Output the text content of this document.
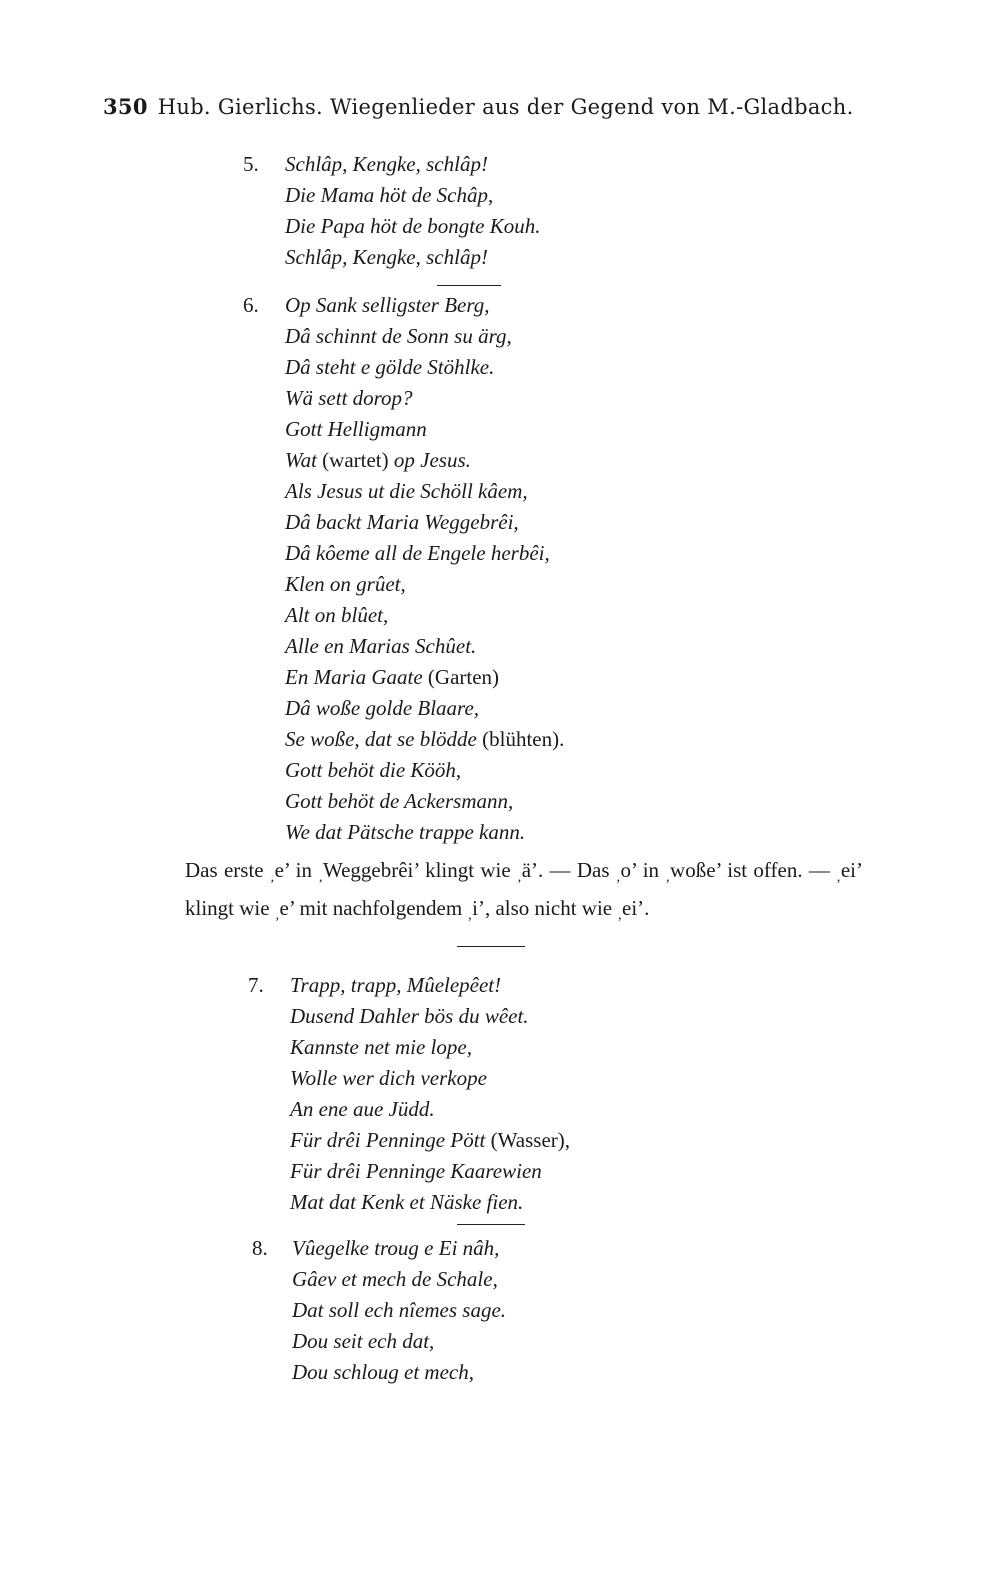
350 Hub. Gierlichs. Wiegenlieder aus der Gegend von M.-Gladbach.
5. Schlâp, Kengke, schlâp!
Die Mama höt de Schâp,
Die Papa höt de bongte Kouh.
Schlâp, Kengke, schlâp!
6. Op Sank selligster Berg,
Dâ schinnt de Sonn su ärg,
Dâ steht e gölde Stöhlke.
Wä sett dorop?
Gott Helligmann
Wat (wartet) op Jesus.
Als Jesus ut die Schöll kâem,
Dâ backt Maria Weggebrêi,
Dâ kôeme all de Engele herbêi,
Klen on grûet,
Alt on blûet,
Alle en Marias Schûet.
En Maria Gaate (Garten)
Dâ woße golde Blaare,
Se woße, dat se blödde (blühten).
Gott behöt die Kööh,
Gott behöt de Ackersmann,
We dat Pätsche trappe kann.
Das erste ‚e’ in ‚Weggebrêi’ klingt wie ‚ä’. — Das ‚o’ in ‚woße’ ist offen. — ‚ei’ klingt wie ‚e’ mit nachfolgendem ‚i’, also nicht wie ‚ei’.
7. Trapp, trapp, Mûelepêet!
Dusend Dahler bös du wêet.
Kannste net mie lope,
Wolle wer dich verkope
An ene aue Jüdd.
Für drêi Penninge Pött (Wasser),
Für drêi Penninge Kaarewien
Mat dat Kenk et Näske fien.
8. Vûegelke troug e Ei nâh,
Gâev et mech de Schale,
Dat soll ech nîemes sage.
Dou seit ech dat,
Dou schloug et mech,
